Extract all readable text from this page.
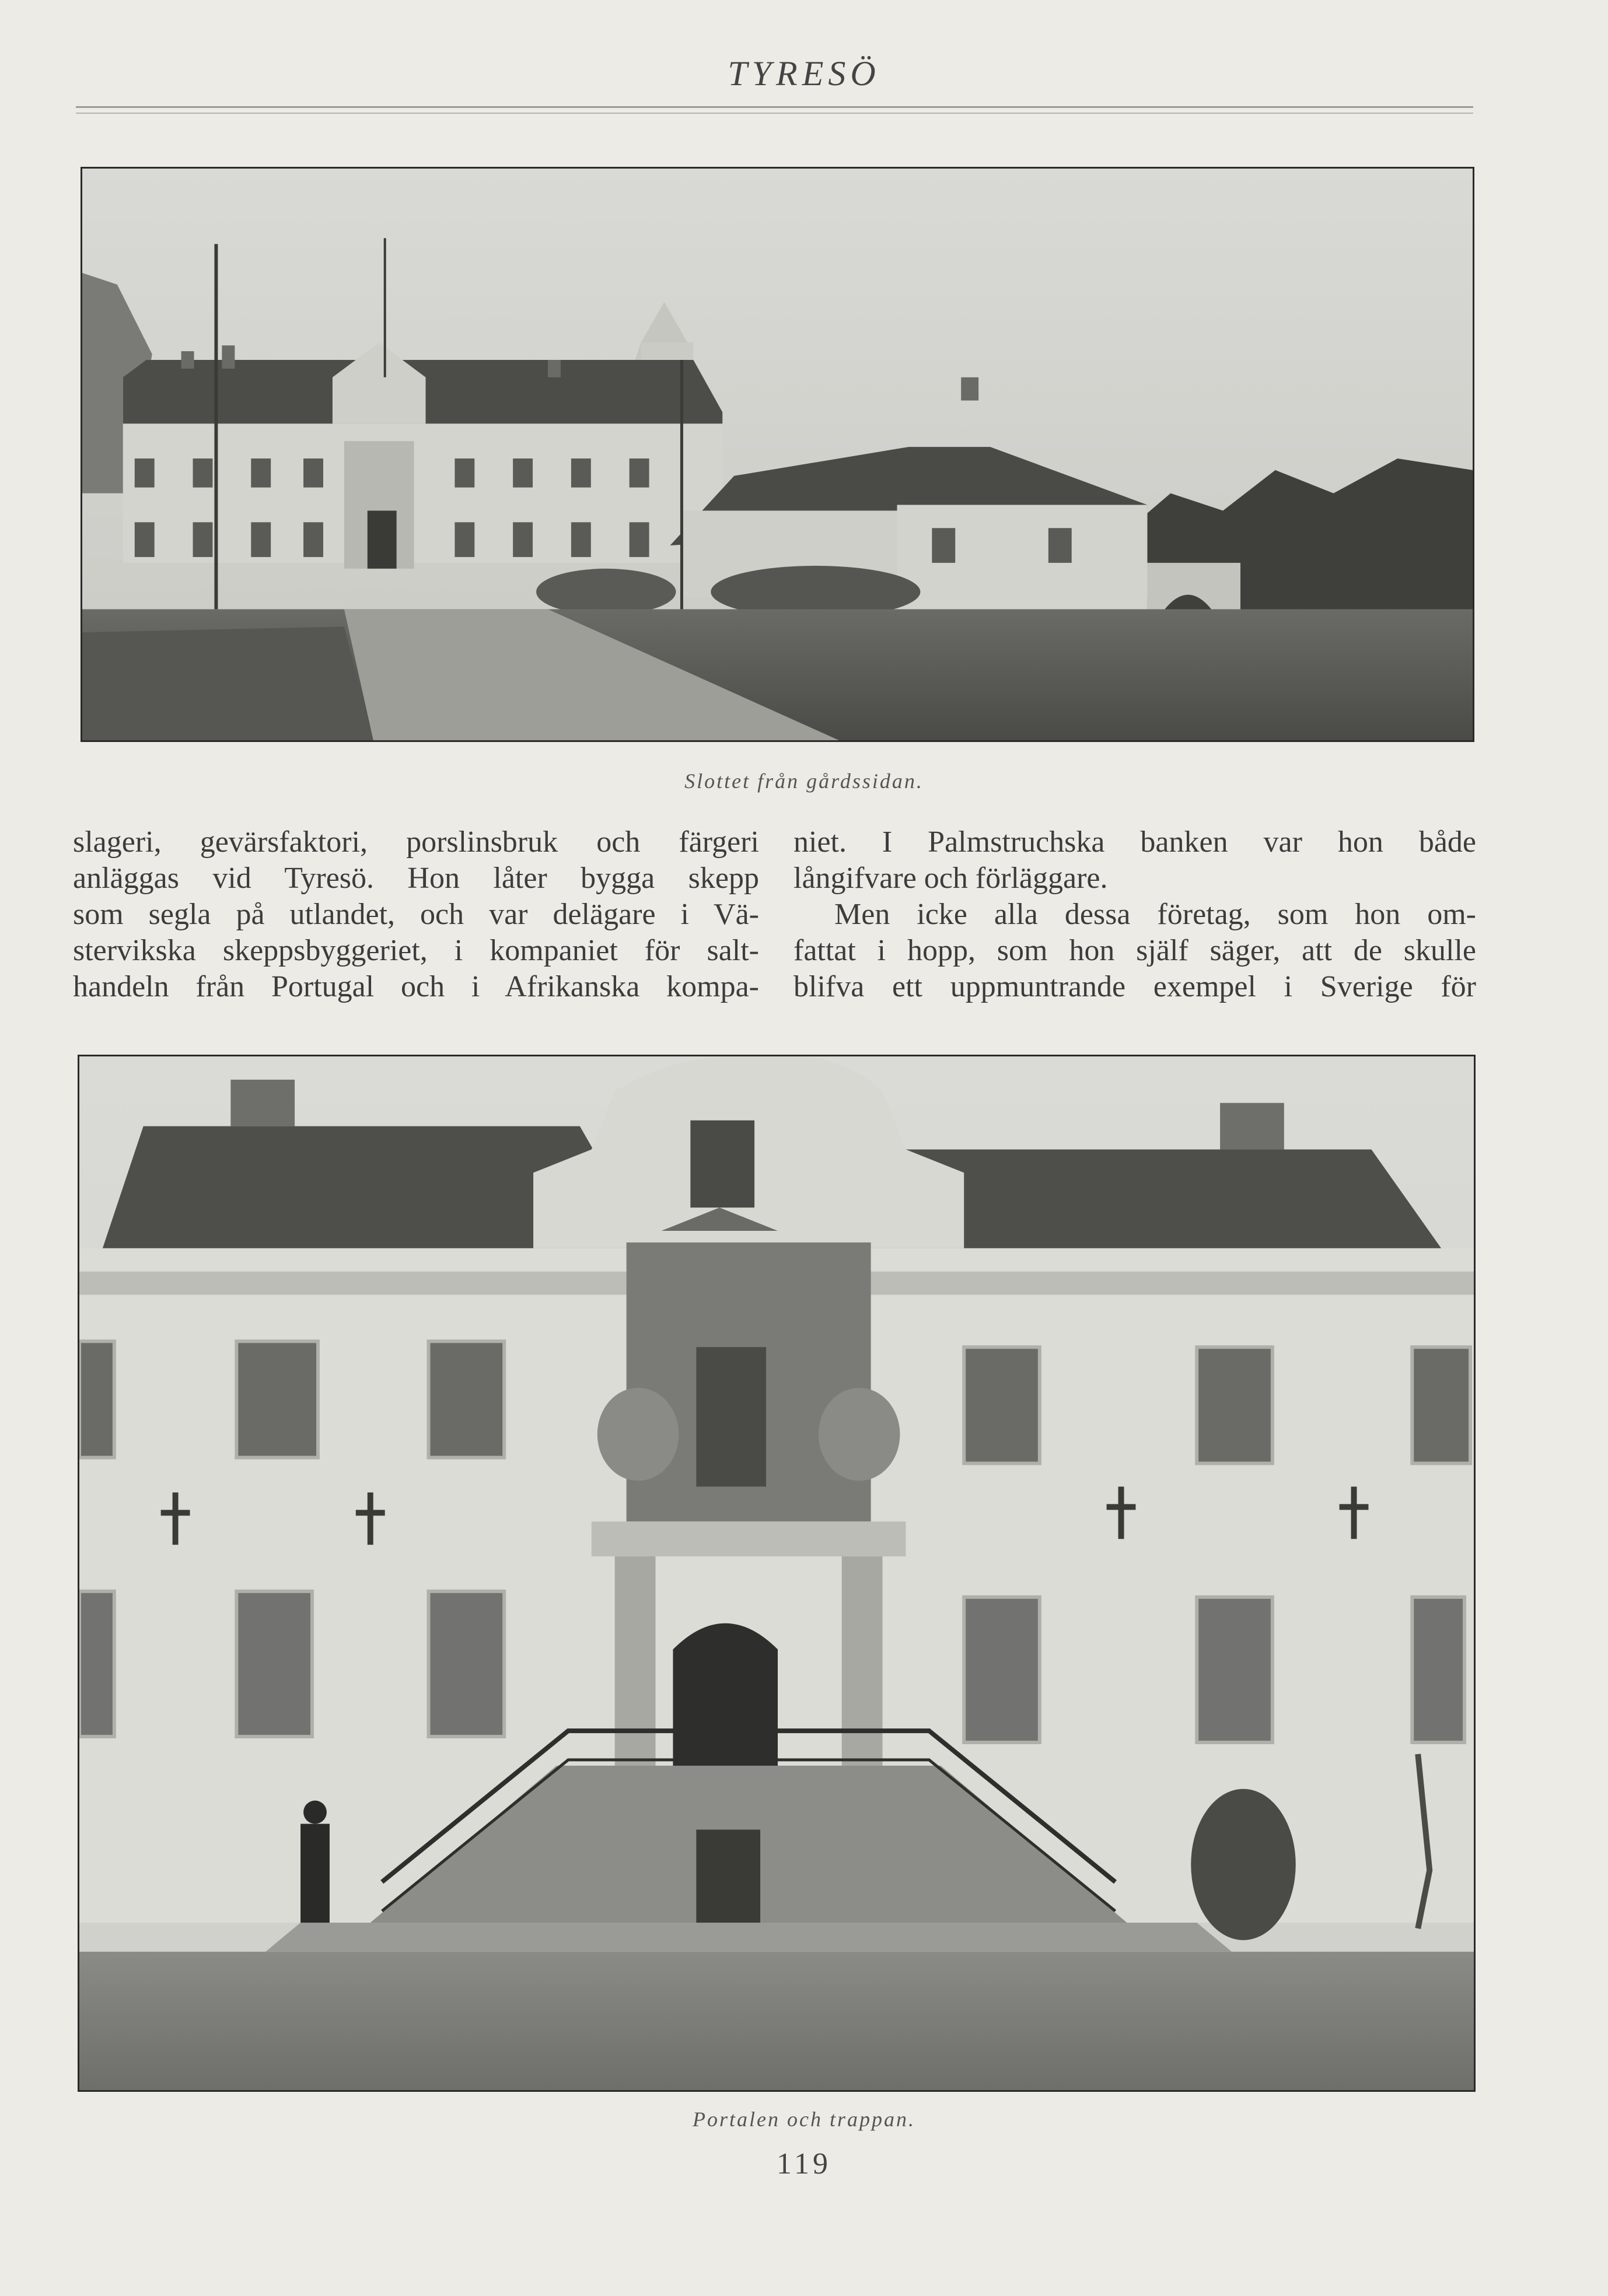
TYRESÖ
Slottet från gårdssidan.
slageri, gevärsfaktori, porslinsbruk och färgeri
anläggas vid Tyresö. Hon låter bygga skepp
som segla på utlandet, och var delägare i Vä-
stervikska skeppsbyggeriet, i kompaniet för salt-
handeln från Portugal och i Afrikanska kompa-
niet. I Palmstruchska banken var hon både
långifvare och förläggare.
Men icke alla dessa företag, som hon om-
fattat i hopp, som hon själf säger, att de skulle
blifva ett uppmuntrande exempel i Sverige för
Portalen och trappan.
119
